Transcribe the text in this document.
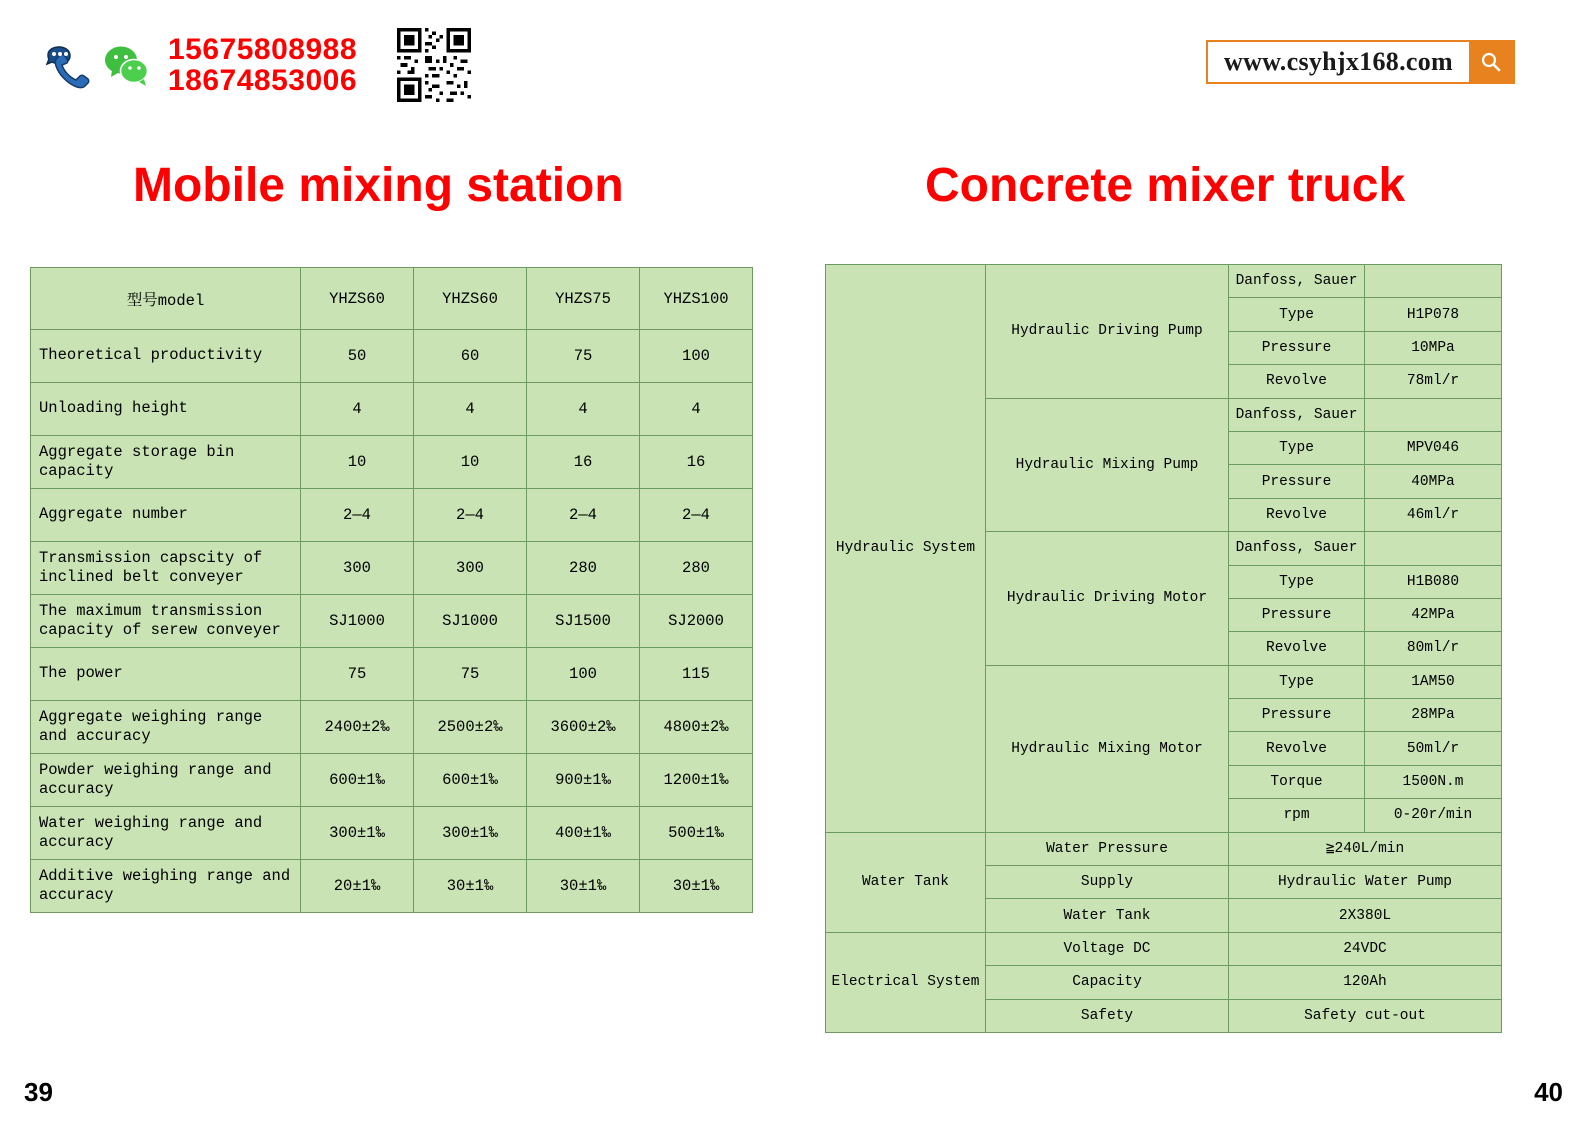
15675808988
18674853006
www.csyhjx168.com
Mobile mixing station	Concrete mixer truck
型号model	YHZS60	YHZS60	YHZS75	YHZS100
Theoretical productivity	50	60	75	100
Unloading height	4	4	4	4
Aggregate storage bin capacity	10	10	16	16
Aggregate number	2—4	2—4	2—4	2—4
Transmission capscity of inclined belt conveyer	300	300	280	280
The maximum transmission capacity of serew conveyer	SJ1000	SJ1000	SJ1500	SJ2000
The power	75	75	100	115
Aggregate weighing range and accuracy	2400±2‰	2500±2‰	3600±2‰	4800±2‰
Powder weighing range and accuracy	600±1‰	600±1‰	900±1‰	1200±1‰
Water weighing range and accuracy	300±1‰	300±1‰	400±1‰	500±1‰
Additive weighing range and accuracy	20±1‰	30±1‰	30±1‰	30±1‰
Hydraulic System	Hydraulic Driving Pump	Danfoss, Sauer	
		Type	H1P078
		Pressure	10MPa
		Revolve	78ml/r
	Hydraulic Mixing Pump	Danfoss, Sauer	
		Type	MPV046
		Pressure	40MPa
		Revolve	46ml/r
	Hydraulic Driving Motor	Danfoss, Sauer	
		Type	H1B080
		Pressure	42MPa
		Revolve	80ml/r
	Hydraulic Mixing Motor	Type	1AM50
		Pressure	28MPa
		Revolve	50ml/r
		Torque	1500N.m
		rpm	0-20r/min
Water Tank	Water Pressure	≧240L/min	
	Supply	Hydraulic Water Pump	
	Water Tank	2X380L	
Electrical System	Voltage DC	24VDC	
	Capacity	120Ah	
	Safety	Safety cut-out	
39	40
